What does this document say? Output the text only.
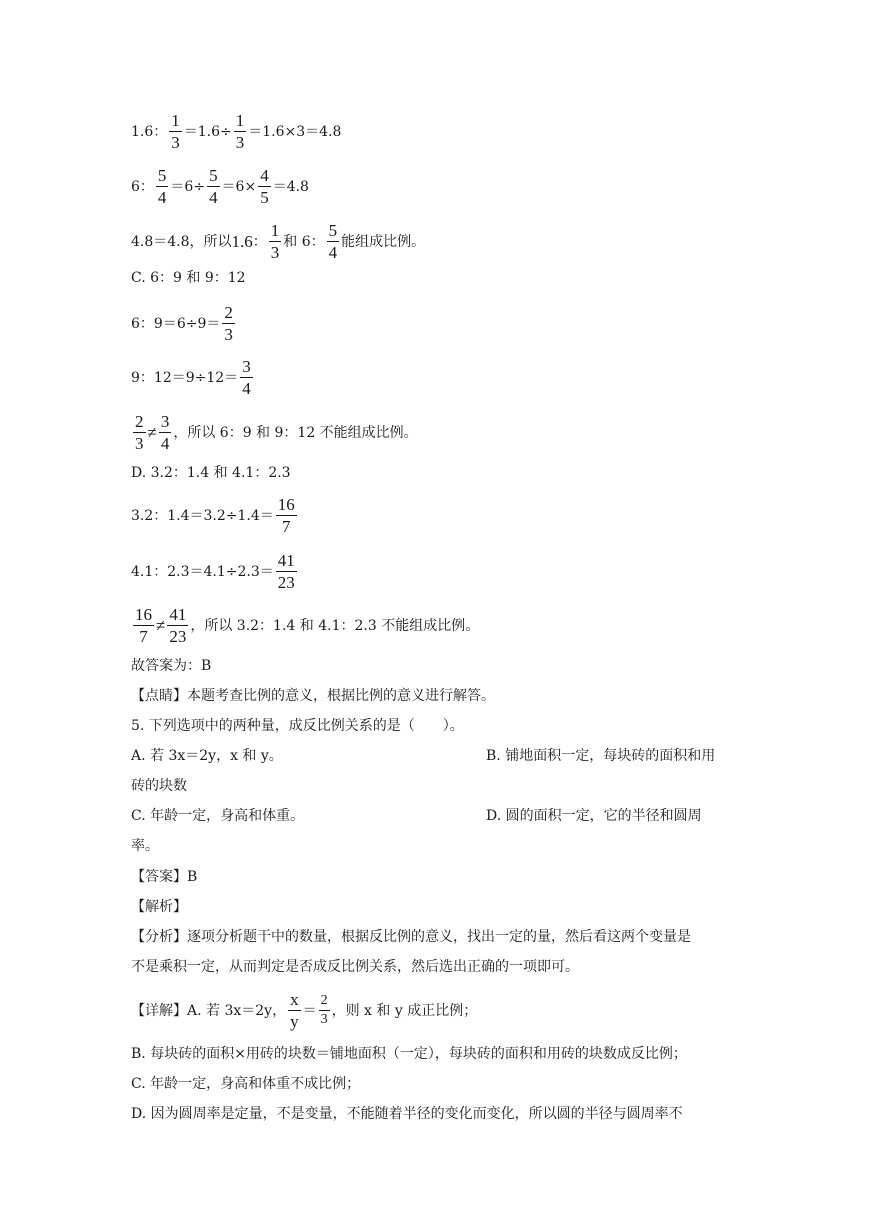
1.6： $\frac{1}{3} =1.6\div \frac{1}{3} =1.6\times 3=4.8$
6： $\frac{5}{4} =6\div \frac{5}{4} =6\times \frac{4}{5} =4.8$
4.8＝4.8，所以 1.6 ： $\frac{1}{3}$ 和 6： $\frac{5}{4}$ 能组成比例。
C. 6：9 和 9：12
6：$9=6\div 9= \frac{2}{3}$
9：$12=9\div 12= \frac{3}{4}$
$\frac{2}{3} \ne \frac{3}{4}$ ，所以 6：9 和 9：12 不能组成比例。
D. 3.2：1.4 和 4.1：2.3
3.2：$1.4=3.2\div 1.4= \frac{16}{7}$
4.1：$2.3=4.1\div 2.3= \frac{41}{23}$
$\frac{16}{7} \ne \frac{41}{23}$ ，所以 3.2：1.4 和 4.1：2.3 不能组成比例。
故答案为：B
【点睛】本题考查比例的意义，根据比例的意义进行解答。
5. 下列选项中的两种量，成反比例关系的是（　　）。
A. 若 3x＝2y，x 和 y。	B. 铺地面积一定，每块砖的面积和用
砖的块数
C. 年龄一定，身高和体重。	D. 圆的面积一定，它的半径和圆周
率。
【答案】B
【解析】
【分析】逐项分析题干中的数量，根据反比例的意义，找出一定的量，然后看这两个变量是
不是乘积一定，从而判定是否成反比例关系，然后选出正确的一项即可。
【详解】A. 若 3x＝2y， $\frac{x}{y} = \frac{2}{3}$ ，则 x 和 y 成正比例；
B. 每块砖的面积×用砖的块数＝铺地面积（一定），每块砖的面积和用砖的块数成反比例；
C. 年龄一定，身高和体重不成比例；
D. 因为圆周率是定量，不是变量，不能随着半径的变化而变化，所以圆的半径与圆周率不
